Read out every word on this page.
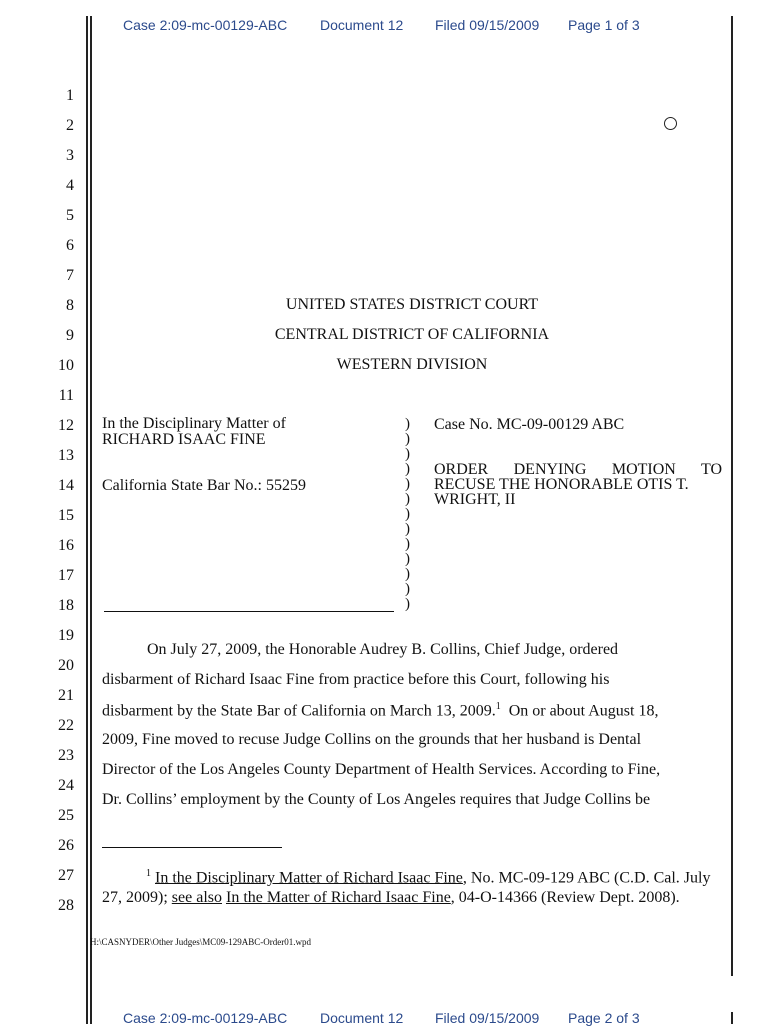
Case 2:09-mc-00129-ABC Document 12 Filed 09/15/2009 Page 1 of 3
1
2
3
4
5
6
7
8
9
10
11
12
13
14
15
16
17
18
19
20
21
22
23
24
25
26
27
28
UNITED STATES DISTRICT COURT
CENTRAL DISTRICT OF CALIFORNIA
WESTERN DIVISION
In the Disciplinary Matter of
RICHARD ISAAC FINE
California State Bar No.: 55259
)
)
)
)
)
)
)
)
)
)
)
)
)
Case No. MC-09-00129 ABC
ORDER DENYING MOTION TO
RECUSE THE HONORABLE OTIS T.
WRIGHT, II
On July 27, 2009, the Honorable Audrey B. Collins, Chief Judge, ordered
disbarment of Richard Isaac Fine from practice before this Court, following his
disbarment by the State Bar of California on March 13, 2009.$^1$ On or about August 18,
2009, Fine moved to recuse Judge Collins on the grounds that her husband is Dental
Director of the Los Angeles County Department of Health Services. According to Fine,
Dr. Collins’ employment by the County of Los Angeles requires that Judge Collins be
$^1$ In the Disciplinary Matter of Richard Isaac Fine, No. MC-09-129 ABC (C.D. Cal. July 27, 2009); see also In the Matter of Richard Isaac Fine, 04-O-14366 (Review Dept. 2008).
H:\CASNYDER\Other Judges\MC09-129ABC-Order01.wpd
Case 2:09-mc-00129-ABC Document 12 Filed 09/15/2009 Page 2 of 3
